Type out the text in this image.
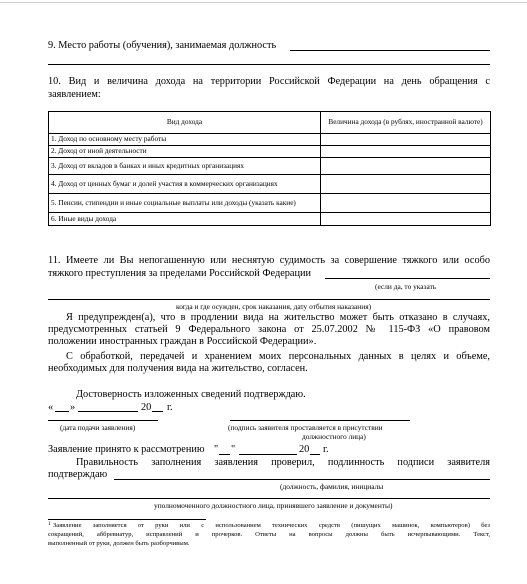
9. Место работы (обучения), занимаемая должность
10. Вид и величина дохода на территории Российской Федерации на день обращения с
заявлением:
Вид дохода	Величина дохода (в рублях, иностранной валюте)
1. Доход по основному месту работы	
2. Доход от иной деятельности	
3. Доход от вкладов в банках и иных кредитных организациях	
4. Доход от ценных бумаг и долей участия в коммерческих организациях	
5. Пенсии, стипендии и иные социальные выплаты или доходы (указать какие)	
6. Иные виды дохода	
11. Имеете ли Вы непогашенную или неснятую судимость за совершение тяжкого или особо
тяжкого преступления за пределами Российской Федерации
(если да, то указать
когда и где осужден, срок наказания, дату отбытия наказания)
Я предупрежден(а), что в продлении вида на жительство может быть отказано в случаях,
предусмотренных статьей 9 Федерального закона от 25.07.2002 № 115-ФЗ «О правовом
положении иностранных граждан в Российской Федерации».
С обработкой, передачей и хранением моих персональных данных в целях и объеме,
необходимых для получения вида на жительство, согласен.
Достоверность изложенных сведений подтверждаю.
« »	20 г.
(дата подачи заявления)	(подпись заявителя проставляется в присутствии
должностного лица)
Заявление принято к рассмотрению " "	20 г.
Правильность заполнения заявления проверил, подлинность подписи заявителя
подтверждаю
(должность, фамилия, инициалы
уполномоченного должностного лица, принявшего заявление и документы)
1 Заявление заполняется от руки или с использованием технических средств (пишущих машинок, компьютеров) без
сокращений, аббревиатур, исправлений и прочерков. Ответы на вопросы должны быть исчерпывающими. Текст,
выполненный от руки, должен быть разборчивым.
